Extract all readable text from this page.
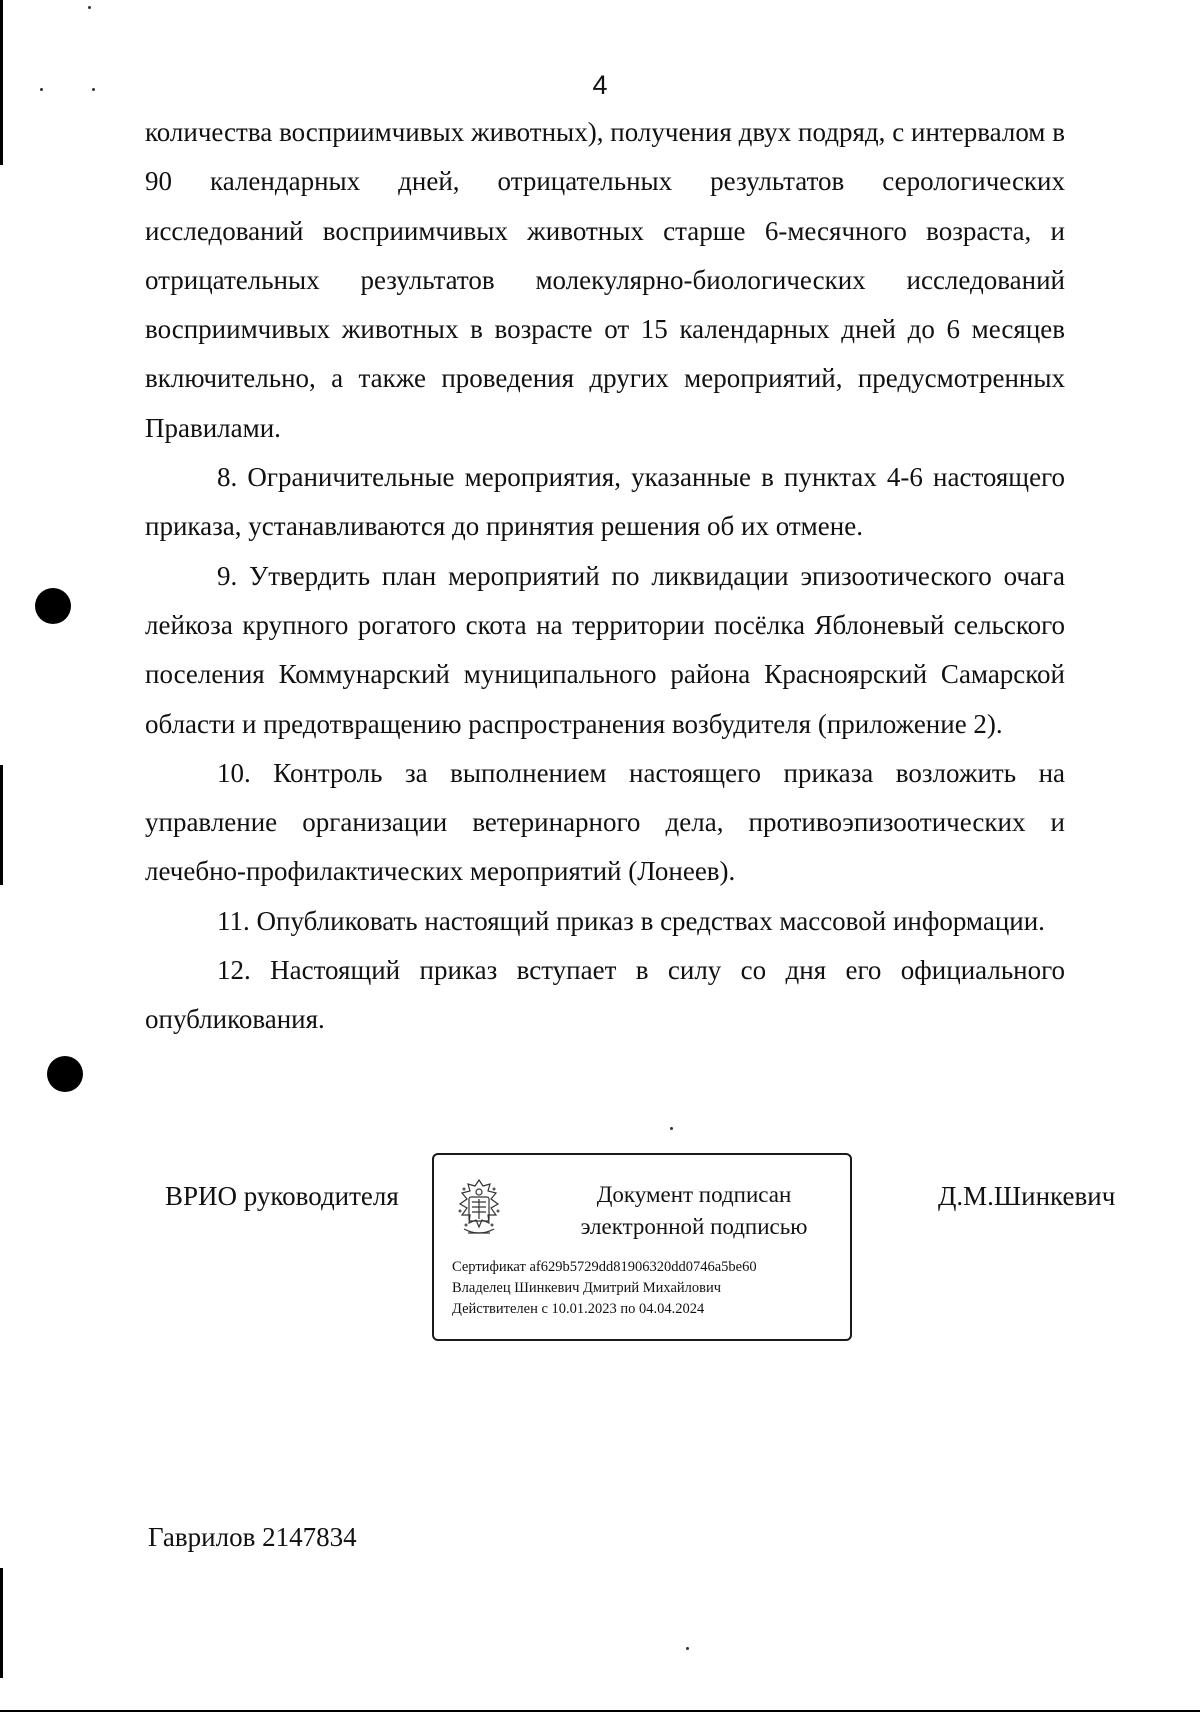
4

количества восприимчивых животных), получения двух подряд, с интервалом в 90 календарных дней, отрицательных результатов серологических исследований восприимчивых животных старше 6-месячного возраста, и отрицательных результатов молекулярно-биологических исследований восприимчивых животных в возрасте от 15 календарных дней до 6 месяцев включительно, а также проведения других мероприятий, предусмотренных Правилами.

8. Ограничительные мероприятия, указанные в пунктах 4-6 настоящего приказа, устанавливаются до принятия решения об их отмене.

9. Утвердить план мероприятий по ликвидации эпизоотического очага лейкоза крупного рогатого скота на территории посёлка Яблоневый сельского поселения Коммунарский муниципального района Красноярский Самарской области и предотвращению распространения возбудителя (приложение 2).

10. Контроль за выполнением настоящего приказа возложить на управление организации ветеринарного дела, противоэпизоотических и лечебно-профилактических мероприятий (Лонеев).

11. Опубликовать настоящий приказ в средствах массовой информации.

12. Настоящий приказ вступает в силу со дня его официального опубликования.

ВРИО руководителя	Документ подписан
электронной подписью
Сертификат af629b5729dd81906320dd0746a5be60
Владелец Шинкевич Дмитрий Михайлович
Действителен с 10.01.2023 по 04.04.2024
Д.М.Шинкевич
Гаврилов 2147834
